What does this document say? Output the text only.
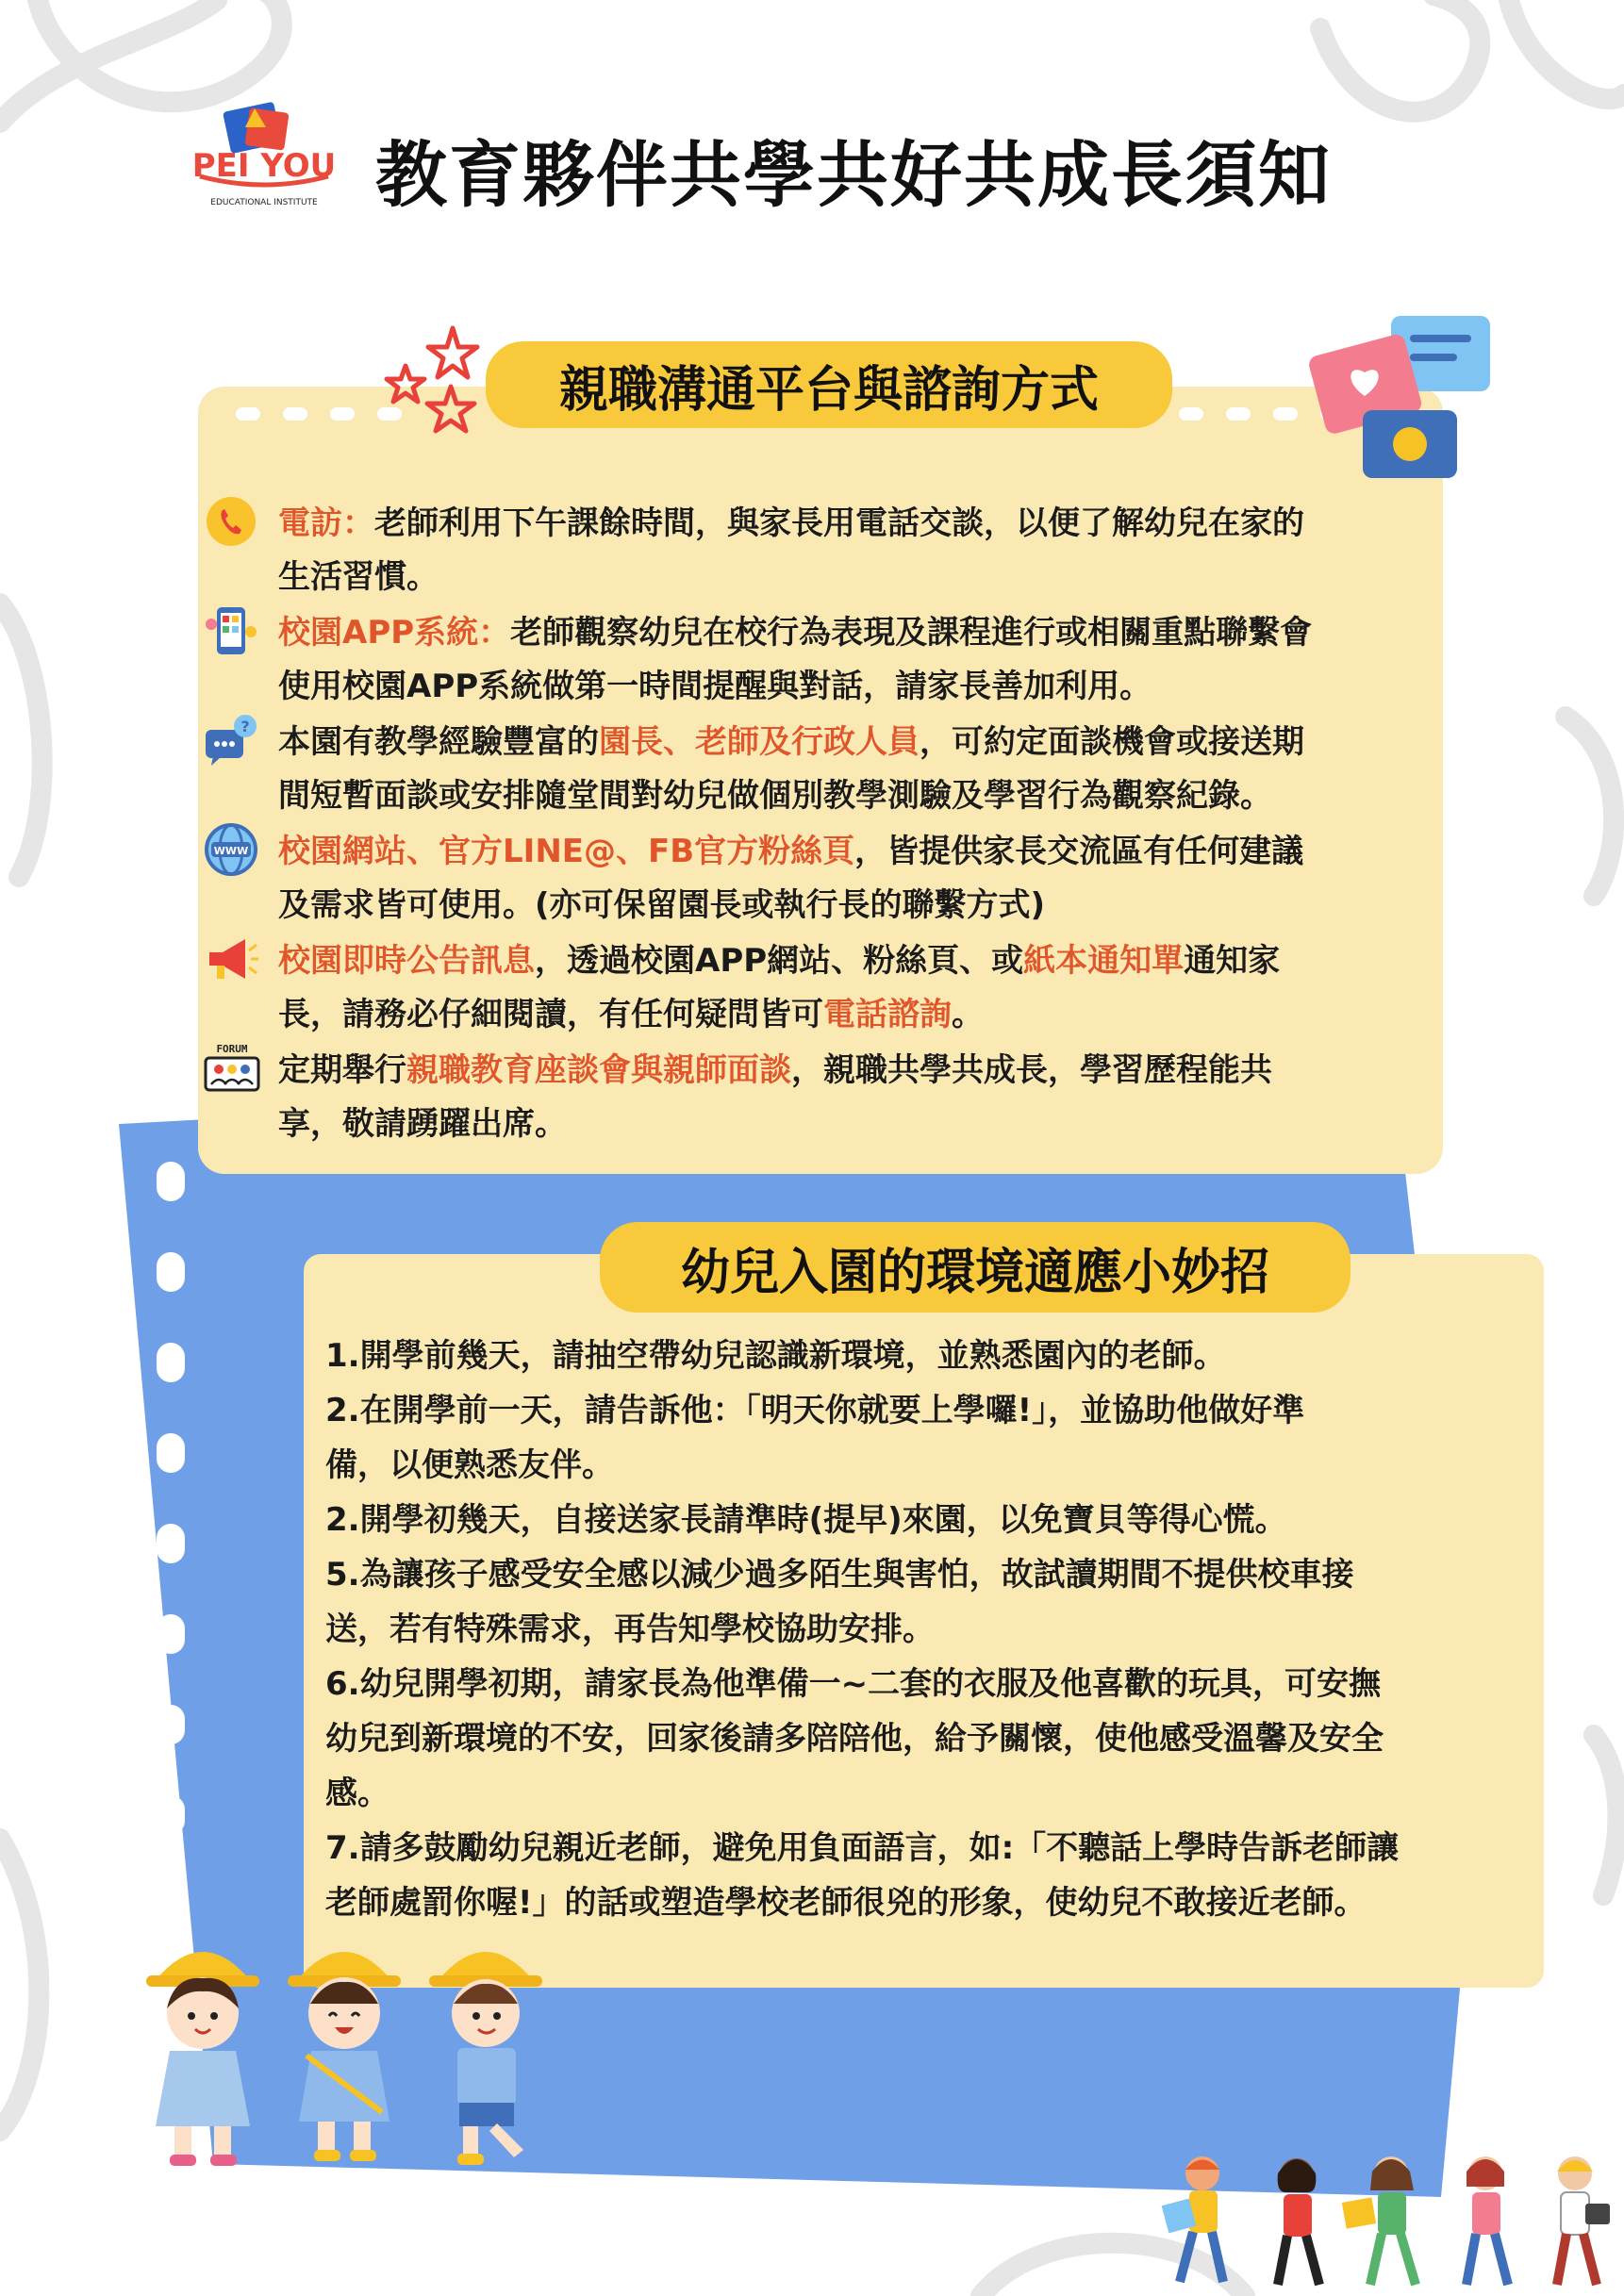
PEI YOU
EDUCATIONAL INSTITUTE 教育夥伴共學共好共成長須知
親職溝通平台與諮詢方式
電訪：老師利用下午課餘時間，與家長用電話交談，以便了解幼兒在家的
生活習慣。
校園APP系統：老師觀察幼兒在校行為表現及課程進行或相關重點聯繫會
使用校園APP系統做第一時間提醒與對話，請家長善加利用。
? 本園有教學經驗豐富的園長、老師及行政人員，可約定面談機會或接送期
間短暫面談或安排隨堂間對幼兒做個別教學測驗及學習行為觀察紀錄。
WWW 校園網站、官方LINE@、FB官方粉絲頁，皆提供家長交流區有任何建議
及需求皆可使用。(亦可保留園長或執行長的聯繫方式)
校園即時公告訊息，透過校園APP網站、粉絲頁、或紙本通知單通知家
長，請務必仔細閱讀，有任何疑問皆可電話諮詢。
FORUM
定期舉行親職教育座談會與親師面談，親職共學共成長，學習歷程能共
享，敬請踴躍出席。
幼兒入園的環境適應小妙招
1.開學前幾天，請抽空帶幼兒認識新環境，並熟悉園內的老師。
2.在開學前一天，請告訴他：「明天你就要上學囉!」，並協助他做好準
備，以便熟悉友伴。
2.開學初幾天，自接送家長請準時(提早)來園，以免寶貝等得心慌。
5.為讓孩子感受安全感以減少過多陌生與害怕，故試讀期間不提供校車接
送，若有特殊需求，再告知學校協助安排。
6.幼兒開學初期，請家長為他準備一~二套的衣服及他喜歡的玩具，可安撫
幼兒到新環境的不安，回家後請多陪陪他，給予關懷，使他感受溫馨及安全
感。
7.請多鼓勵幼兒親近老師，避免用負面語言，如:「不聽話上學時告訴老師讓
老師處罰你喔!」的話或塑造學校老師很兇的形象，使幼兒不敢接近老師。
